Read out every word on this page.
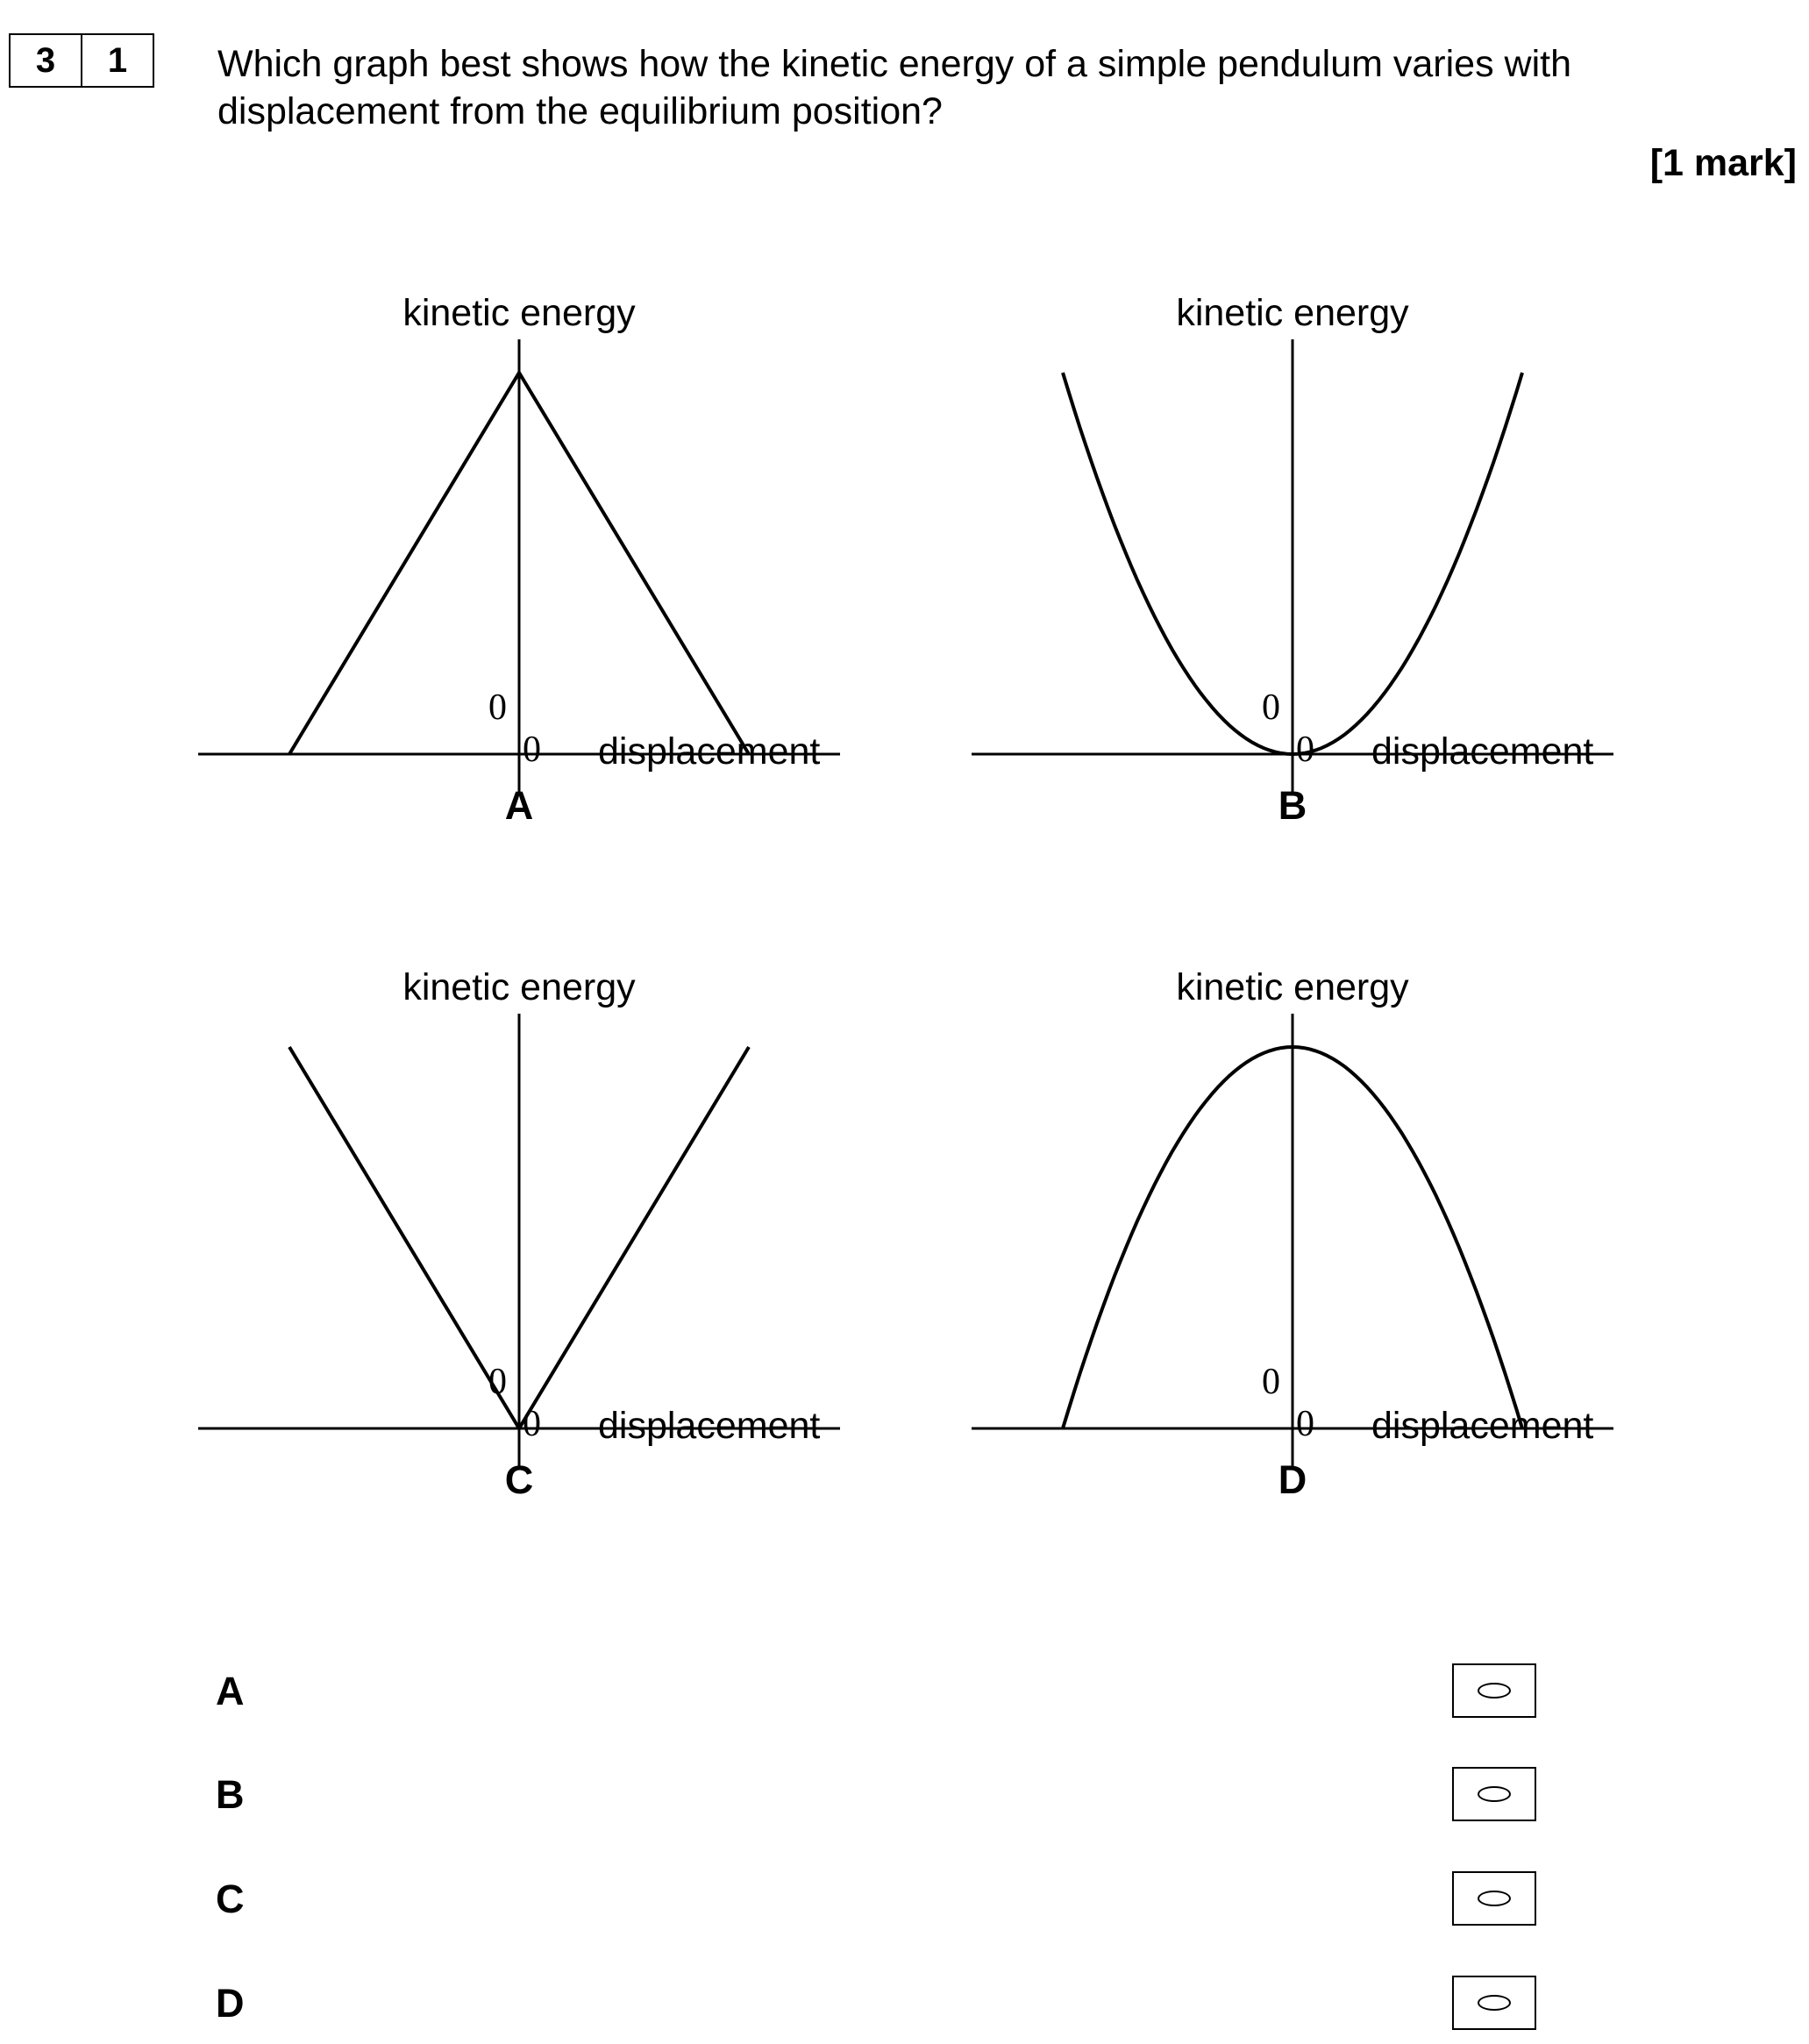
3	1	Which graph best shows how the kinetic energy of a simple pendulum varies with displacement from the equilibrium position?
[1 mark]
kinetic energy
displacement
0
0
A
kinetic energy
displacement
0
0
B
kinetic energy
displacement
0
0
C
kinetic energy
displacement
0
0
D
A
B
C
D
